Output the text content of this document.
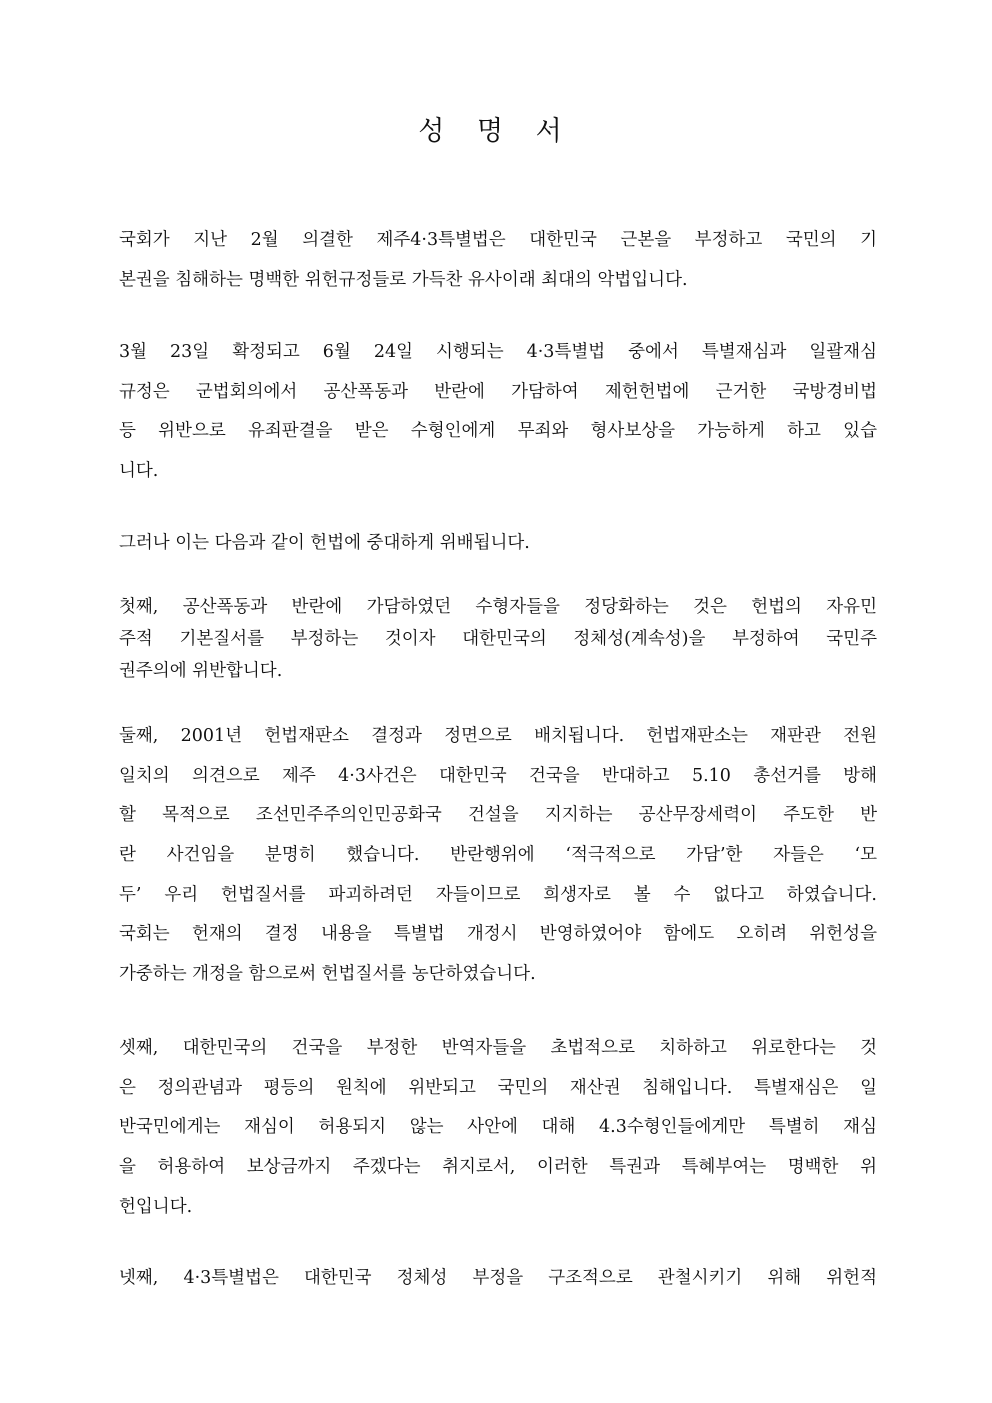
성 명 서
국회가 지난 2월 의결한 제주4·3특별법은 대한민국 근본을 부정하고 국민의 기
본권을 침해하는 명백한 위헌규정들로 가득찬 유사이래 최대의 악법입니다.
3월 23일 확정되고 6월 24일 시행되는 4·3특별법 중에서 특별재심과 일괄재심
규정은 군법회의에서 공산폭동과 반란에 가담하여 제헌헌법에 근거한 국방경비법
등 위반으로 유죄판결을 받은 수형인에게 무죄와 형사보상을 가능하게 하고 있습
니다.
그러나 이는 다음과 같이 헌법에 중대하게 위배됩니다.
첫째, 공산폭동과 반란에 가담하였던 수형자들을 정당화하는 것은 헌법의 자유민
주적 기본질서를 부정하는 것이자 대한민국의 정체성(계속성)을 부정하여 국민주
권주의에 위반합니다.
둘째, 2001년 헌법재판소 결정과 정면으로 배치됩니다. 헌법재판소는 재판관 전원
일치의 의견으로 제주 4·3사건은 대한민국 건국을 반대하고 5.10 총선거를 방해
할 목적으로 조선민주주의인민공화국 건설을 지지하는 공산무장세력이 주도한 반
란 사건임을 분명히 했습니다. 반란행위에 ‘적극적으로 가담’한 자들은 ‘모
두’ 우리 헌법질서를 파괴하려던 자들이므로 희생자로 볼 수 없다고 하였습니다.
국회는 헌재의 결정 내용을 특별법 개정시 반영하였어야 함에도 오히려 위헌성을
가중하는 개정을 함으로써 헌법질서를 농단하였습니다.
셋째, 대한민국의 건국을 부정한 반역자들을 초법적으로 치하하고 위로한다는 것
은 정의관념과 평등의 원칙에 위반되고 국민의 재산권 침해입니다. 특별재심은 일
반국민에게는 재심이 허용되지 않는 사안에 대해 4.3수형인들에게만 특별히 재심
을 허용하여 보상금까지 주겠다는 취지로서, 이러한 특권과 특혜부여는 명백한 위
헌입니다.
넷째, 4·3특별법은 대한민국 정체성 부정을 구조적으로 관철시키기 위해 위헌적
